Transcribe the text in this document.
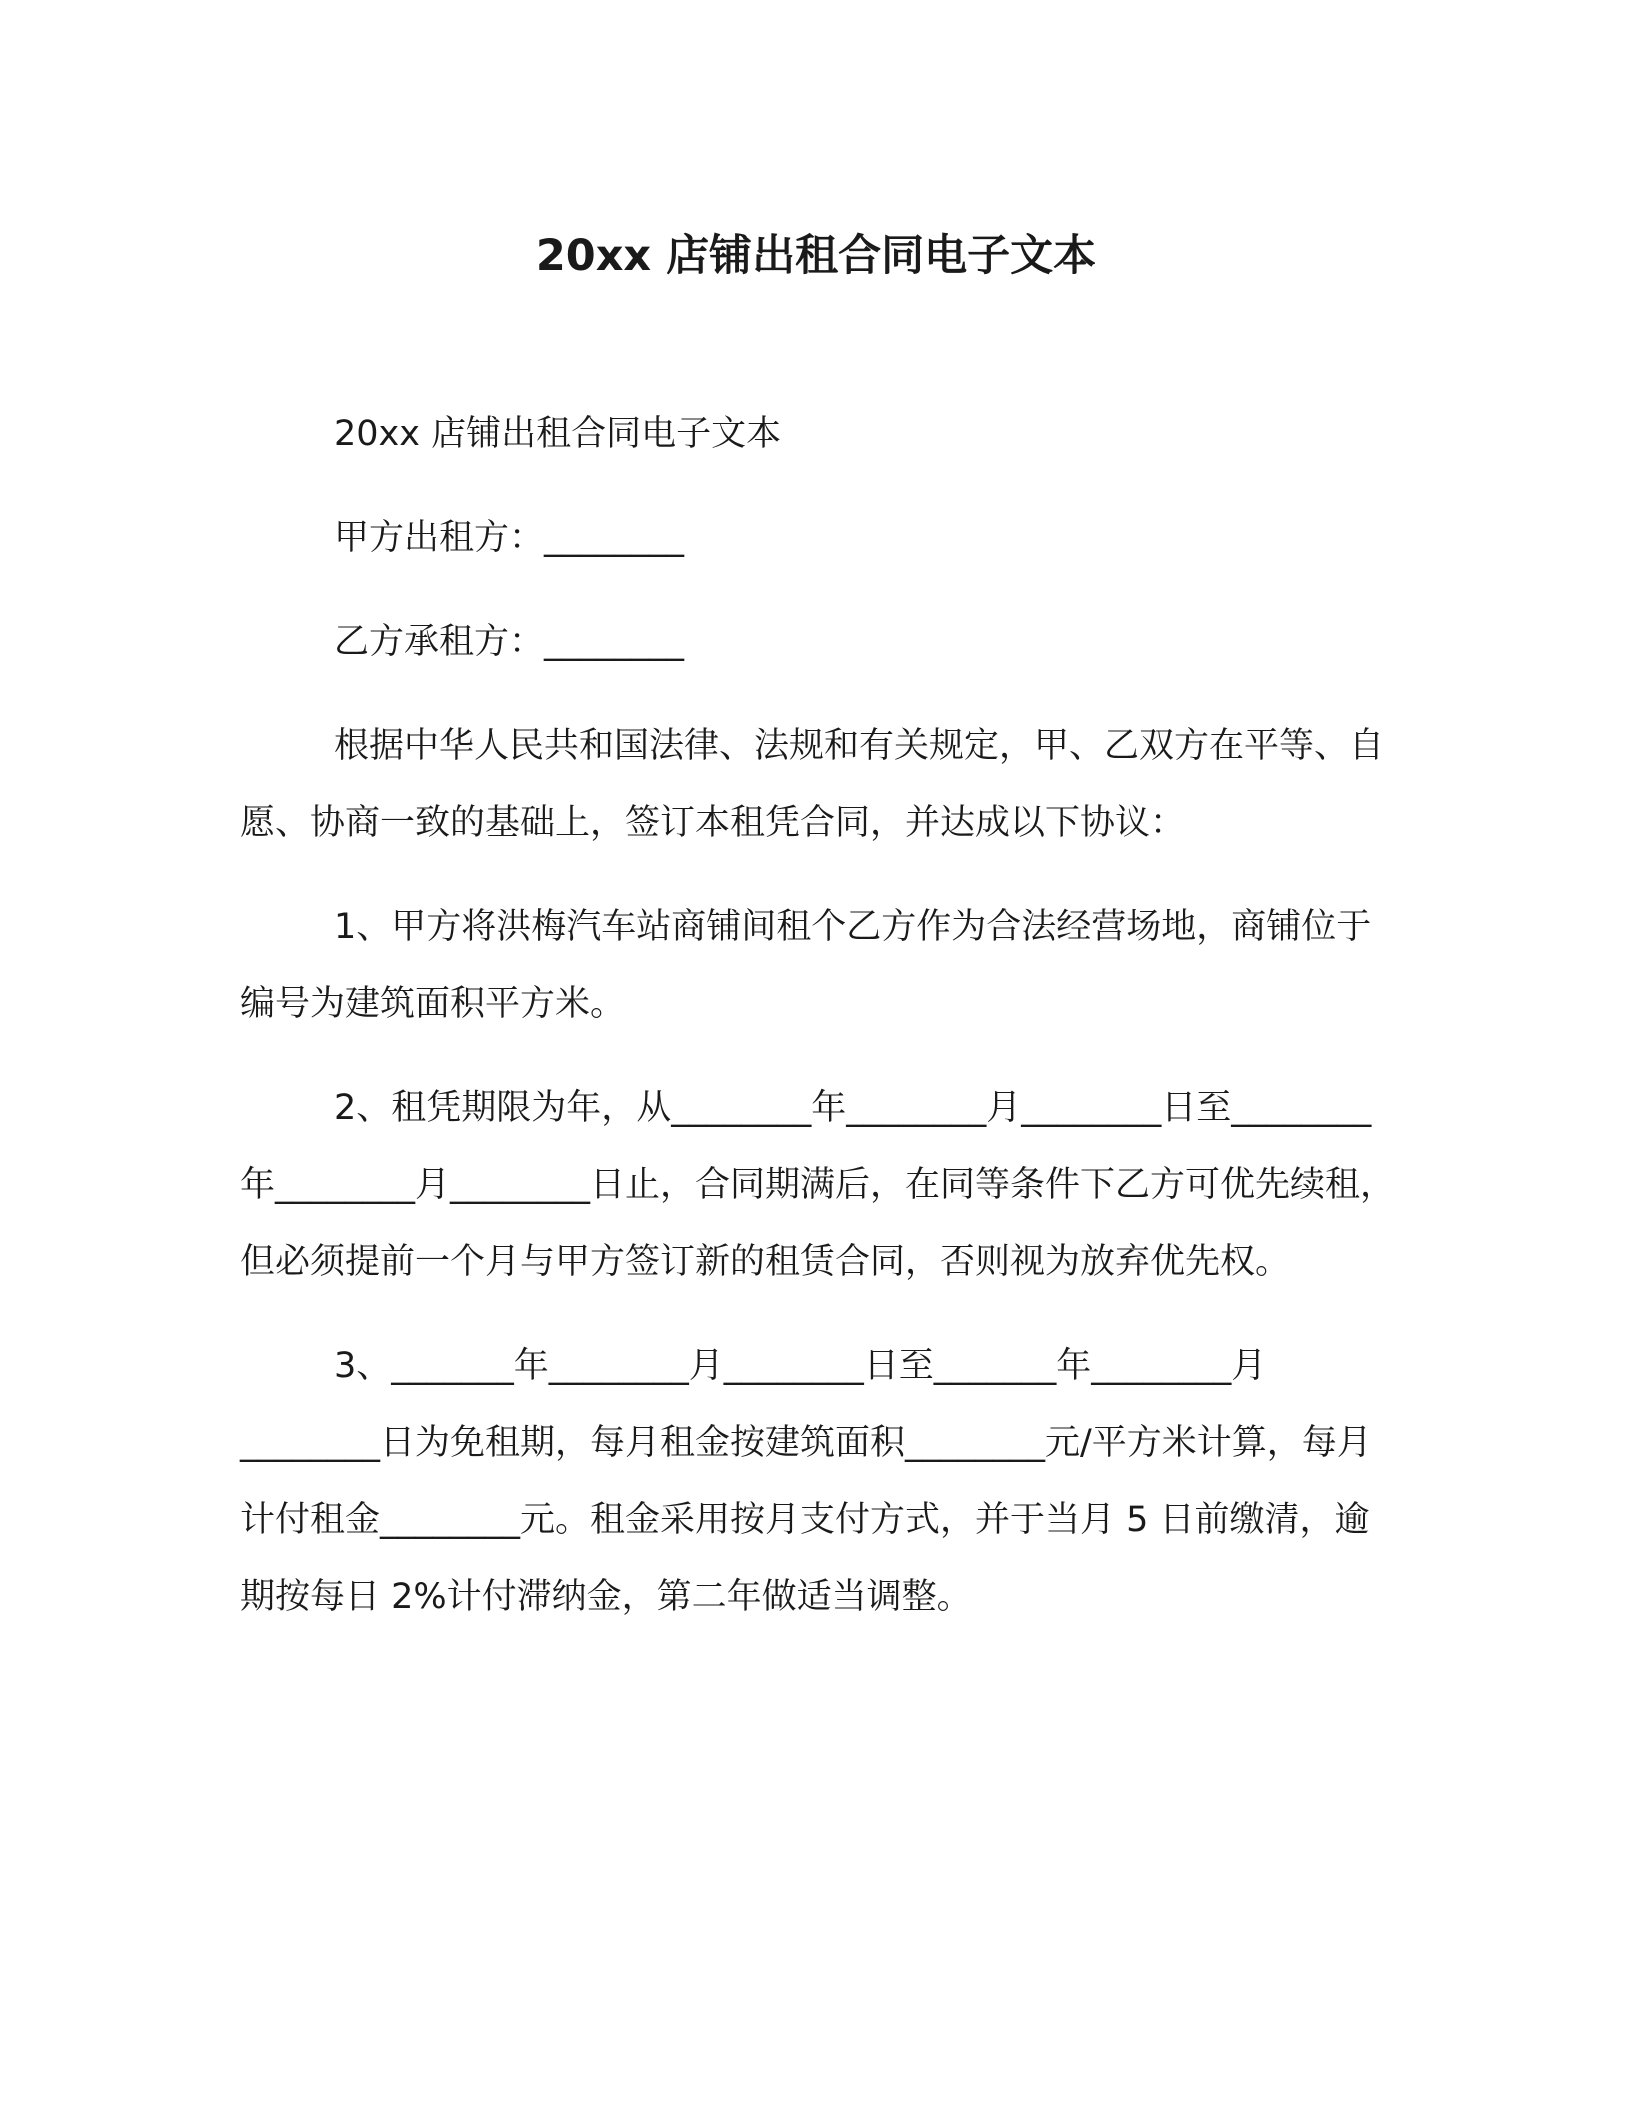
20xx 店铺出租合同电子文本

20xx 店铺出租合同电子文本

甲方出租方：________

乙方承租方：________

根据中华人民共和国法律、法规和有关规定，甲、乙双方在平等、自愿、协商一致的基础上，签订本租凭合同，并达成以下协议：

1、甲方将洪梅汽车站商铺间租个乙方作为合法经营场地，商铺位于编号为建筑面积平方米。

2、租凭期限为年，从________年________月________日至________年________月________日止，合同期满后，在同等条件下乙方可优先续租，但必须提前一个月与甲方签订新的租赁合同，否则视为放弃优先权。

3、_______年________月________日至_______年________月________日为免租期，每月租金按建筑面积________元/平方米计算，每月计付租金________元。租金采用按月支付方式，并于当月 5 日前缴清，逾期按每日 2%计付滞纳金，第二年做适当调整。
